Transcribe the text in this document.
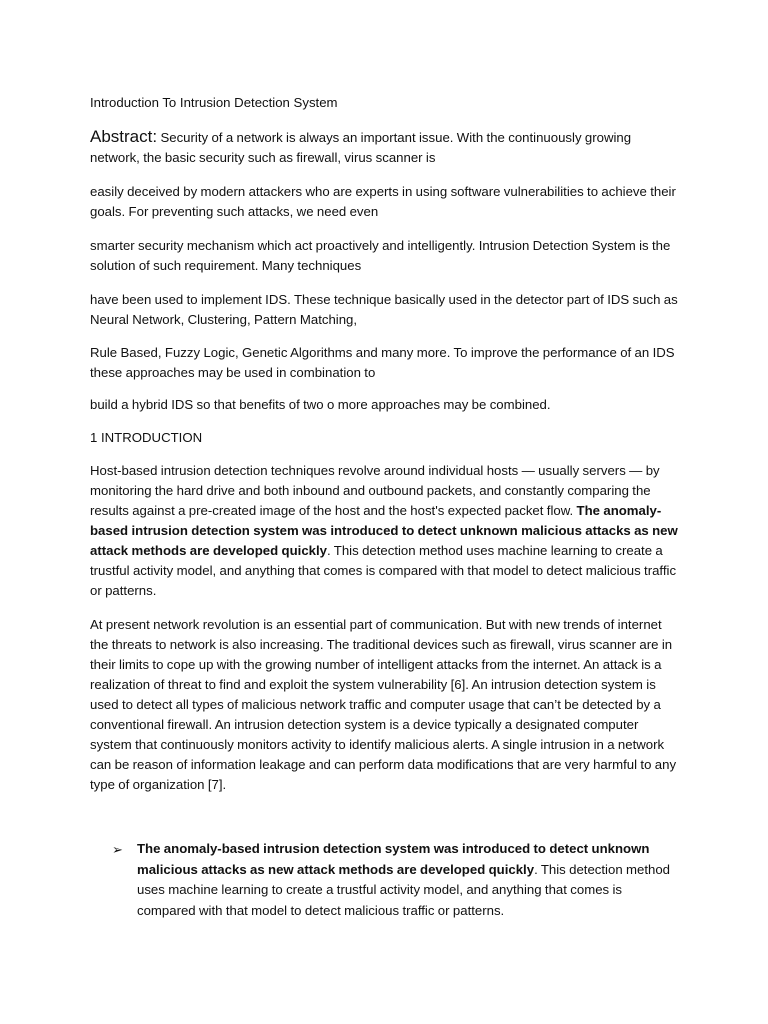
Introduction To Intrusion Detection System

Abstract: Security of a network is always an important issue. With the continuously growing network, the basic security such as firewall, virus scanner is

easily deceived by modern attackers who are experts in using software vulnerabilities to achieve their goals. For preventing such attacks, we need even

smarter security mechanism which act proactively and intelligently. Intrusion Detection System is the solution of such requirement. Many techniques

have been used to implement IDS. These technique basically used in the detector part of IDS such as Neural Network, Clustering, Pattern Matching,

Rule Based, Fuzzy Logic, Genetic Algorithms and many more. To improve the performance of an IDS these approaches may be used in combination to

build a hybrid IDS so that benefits of two o more approaches may be combined.

1 INTRODUCTION

Host-based intrusion detection techniques revolve around individual hosts — usually servers — by monitoring the hard drive and both inbound and outbound packets, and constantly comparing the results against a pre-created image of the host and the host's expected packet flow. The anomaly-based intrusion detection system was introduced to detect unknown malicious attacks as new attack methods are developed quickly. This detection method uses machine learning to create a trustful activity model, and anything that comes is compared with that model to detect malicious traffic or patterns.

At present network revolution is an essential part of communication. But with new trends of internet the threats to network is also increasing. The traditional devices such as firewall, virus scanner are in their limits to cope up with the growing number of intelligent attacks from the internet. An attack is a realization of threat to find and exploit the system vulnerability [6]. An intrusion detection system is used to detect all types of malicious network traffic and computer usage that can’t be detected by a conventional firewall. An intrusion detection system is a device typically a designated computer system that continuously monitors activity to identify malicious alerts. A single intrusion in a network can be reason of information leakage and can perform data modifications that are very harmful to any type of organization [7].

➢ The anomaly-based intrusion detection system was introduced to detect unknown malicious attacks as new attack methods are developed quickly. This detection method uses machine learning to create a trustful activity model, and anything that comes is compared with that model to detect malicious traffic or patterns.
